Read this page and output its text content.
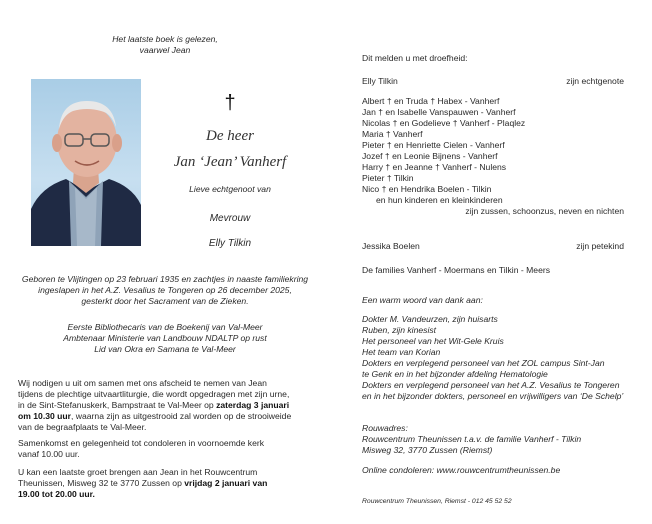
Het laatste boek is gelezen,
vaarwel Jean
†
De heer
Jan ‘Jean’ Vanherf
Lieve echtgenoot van
Mevrouw
Elly Tilkin
Geboren te Vlijtingen op 23 februari 1935 en zachtjes in naaste familiekring
ingeslapen in het A.Z. Vesalius te Tongeren op 26 december 2025,
gesterkt door het Sacrament van de Zieken.
Eerste Bibliothecaris van de Boekenij van Val-Meer
Ambtenaar Ministerie van Landbouw NDALTP op rust
Lid van Okra en Samana te Val-Meer
Wij nodigen u uit om samen met ons afscheid te nemen van Jean
tijdens de plechtige uitvaartliturgie, die wordt opgedragen met zijn urne,
in de Sint-Stefanuskerk, Bampstraat te Val-Meer op zaterdag 3 januari
om 10.30 uur, waarna zijn as uitgestrooid zal worden op de strooiweide
van de begraafplaats te Val-Meer.
Samenkomst en gelegenheid tot condoleren in voornoemde kerk
vanaf 10.00 uur.
U kan een laatste groet brengen aan Jean in het Rouwcentrum
Theunissen, Misweg 32 te 3770 Zussen op vrijdag 2 januari van
19.00 tot 20.00 uur.
Dit melden u met droefheid:
Elly Tilkin	zijn echtgenote
Albert † en Truda † Habex - Vanherf
Jan † en Isabelle Vanspauwen - Vanherf
Nicolas † en Godelieve † Vanherf - Plaqlez
Maria † Vanherf
Pieter † en Henriette Cielen - Vanherf
Jozef † en Leonie Bijnens - Vanherf
Harry † en Jeanne † Vanherf - Nulens
Pieter † Tilkin
Nico † en Hendrika Boelen - Tilkin
en hun kinderen en kleinkinderen
zijn zussen, schoonzus, neven en nichten
Jessika Boelen	zijn petekind
De families Vanherf - Moermans en Tilkin - Meers
Een warm woord van dank aan:
Dokter M. Vandeurzen, zijn huisarts
Ruben, zijn kinesist
Het personeel van het Wit-Gele Kruis
Het team van Korian
Dokters en verplegend personeel van het ZOL campus Sint-Jan
te Genk en in het bijzonder afdeling Hematologie
Dokters en verplegend personeel van het A.Z. Vesalius te Tongeren
en in het bijzonder dokters, personeel en vrijwilligers van ‘De Schelp’
Rouwadres:
Rouwcentrum Theunissen t.a.v. de familie Vanherf - Tilkin
Misweg 32, 3770 Zussen (Riemst)
Online condoleren: www.rouwcentrumtheunissen.be
Rouwcentrum Theunissen, Riemst - 012 45 52 52
